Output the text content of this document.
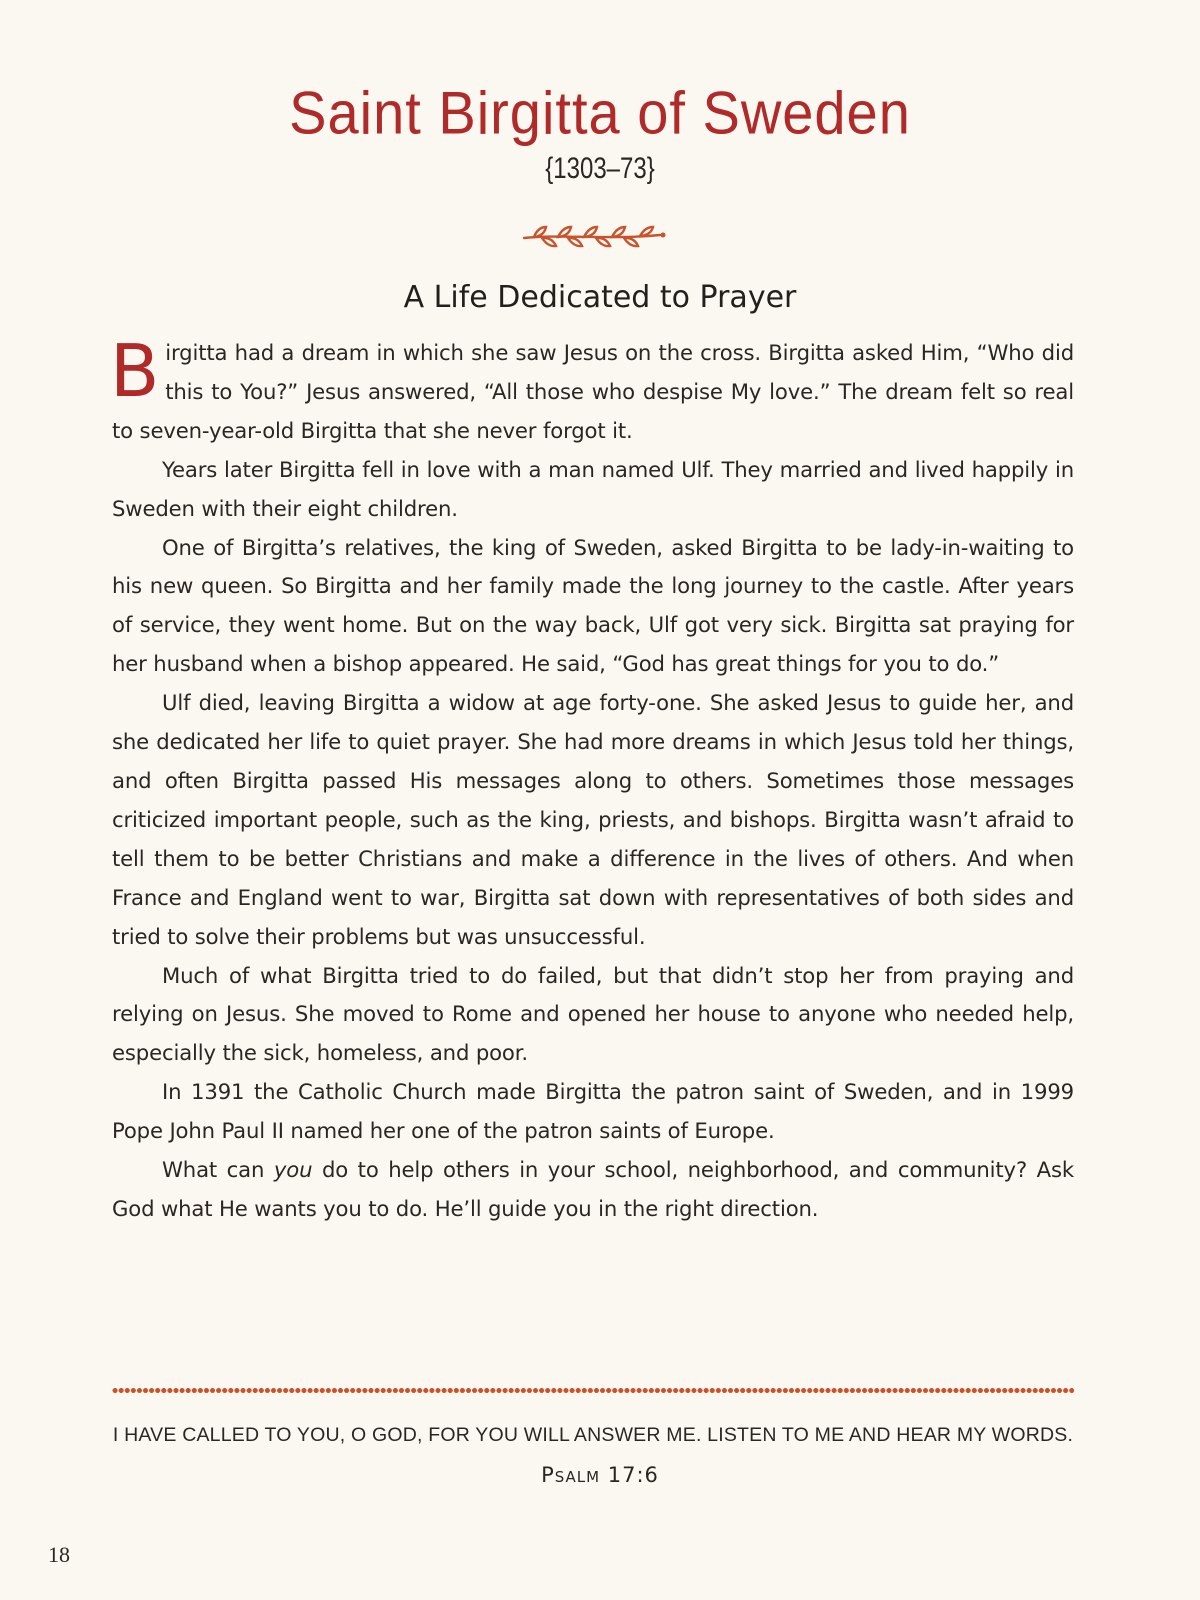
Saint Birgitta of Sweden
{1303–73}
A Life Dedicated to Prayer

Birgitta had a dream in which she saw Jesus on the cross. Birgitta asked Him, “Who did this to You?” Jesus answered, “All those who despise My love.” The dream felt so real to seven-year-old Birgitta that she never forgot it.

Years later Birgitta fell in love with a man named Ulf. They married and lived happily in Sweden with their eight children.

One of Birgitta’s relatives, the king of Sweden, asked Birgitta to be lady-in-waiting to his new queen. So Birgitta and her family made the long journey to the castle. After years of service, they went home. But on the way back, Ulf got very sick. Birgitta sat praying for her husband when a bishop appeared. He said, “God has great things for you to do.”

Ulf died, leaving Birgitta a widow at age forty-one. She asked Jesus to guide her, and she dedicated her life to quiet prayer. She had more dreams in which Jesus told her things, and often Birgitta passed His messages along to others. Sometimes those messages criticized important people, such as the king, priests, and bishops. Birgitta wasn’t afraid to tell them to be better Christians and make a difference in the lives of others. And when France and England went to war, Birgitta sat down with representatives of both sides and tried to solve their problems but was unsuccessful.

Much of what Birgitta tried to do failed, but that didn’t stop her from praying and relying on Jesus. She moved to Rome and opened her house to anyone who needed help, especially the sick, homeless, and poor.

In 1391 the Catholic Church made Birgitta the patron saint of Sweden, and in 1999 Pope John Paul II named her one of the patron saints of Europe.

What can you do to help others in your school, neighborhood, and community? Ask God what He wants you to do. He’ll guide you in the right direction.

I HAVE CALLED TO YOU, O GOD, FOR YOU WILL ANSWER ME. LISTEN TO ME AND HEAR MY WORDS.
Psalm 17:6
18
